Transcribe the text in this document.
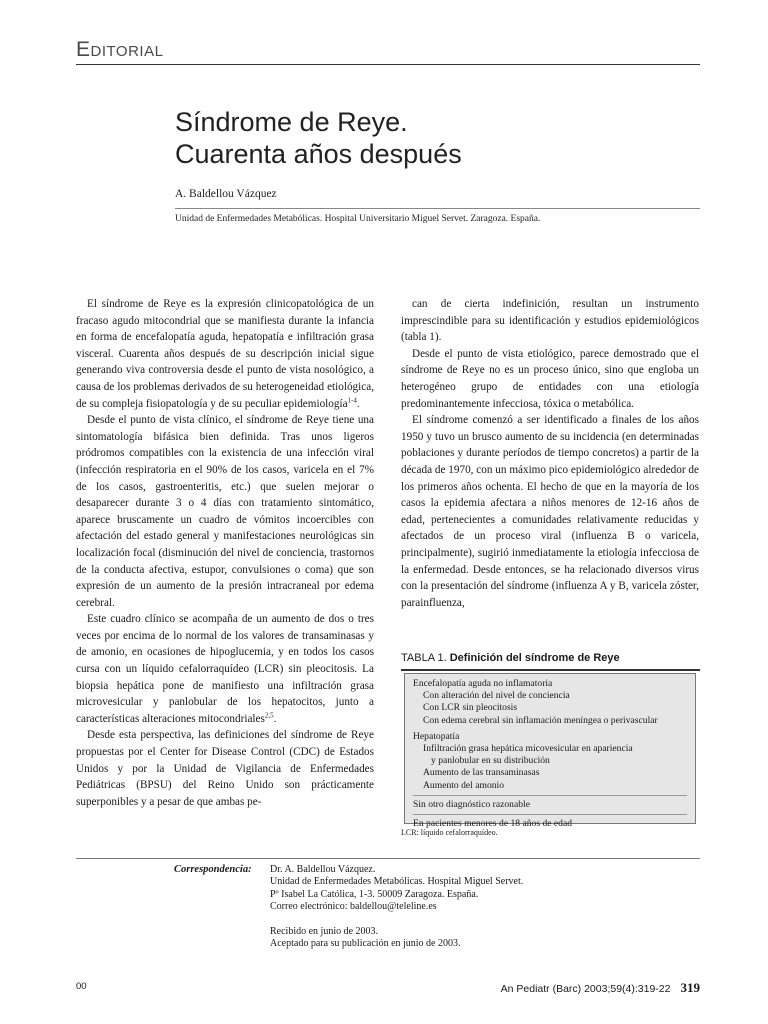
Editorial
Síndrome de Reye.
Cuarenta años después
A. Baldellou Vázquez
Unidad de Enfermedades Metabólicas. Hospital Universitario Miguel Servet. Zaragoza. España.

El síndrome de Reye es la expresión clinicopatológica de un fracaso agudo mitocondrial que se manifiesta durante la infancia en forma de encefalopatía aguda, hepatopatía e infiltración grasa visceral. Cuarenta años después de su descripción inicial sigue generando viva controversia desde el punto de vista nosológico, a causa de los problemas derivados de su heterogeneidad etiológica, de su compleja fisiopatología y de su peculiar epidemiología$^{1-4}$.

Desde el punto de vista clínico, el síndrome de Reye tiene una sintomatología bifásica bien definida. Tras unos ligeros pródromos compatibles con la existencia de una infección viral (infección respiratoria en el 90% de los casos, varicela en el 7% de los casos, gastroenteritis, etc.) que suelen mejorar o desaparecer durante 3 o 4 días con tratamiento sintomático, aparece bruscamente un cuadro de vómitos incoercibles con afectación del estado general y manifestaciones neurológicas sin localización focal (disminución del nivel de conciencia, trastornos de la conducta afectiva, estupor, convulsiones o coma) que son expresión de un aumento de la presión intracraneal por edema cerebral.

Este cuadro clínico se acompaña de un aumento de dos o tres veces por encima de lo normal de los valores de transaminasas y de amonio, en ocasiones de hipoglucemia, y en todos los casos cursa con un líquido cefalorraquídeo (LCR) sin pleocitosis. La biopsia hepática pone de manifiesto una infiltración grasa microvesicular y panlobular de los hepatocitos, junto a características alteraciones mitocondriales$^{2,5}$.

Desde esta perspectiva, las definiciones del síndrome de Reye propuestas por el Center for Disease Control (CDC) de Estados Unidos y por la Unidad de Vigilancia de Enfermedades Pediátricas (BPSU) del Reino Unido son prácticamente superponibles y a pesar de que ambas pe-

can de cierta indefinición, resultan un instrumento imprescindible para su identificación y estudios epidemiológicos (tabla 1).

Desde el punto de vista etiológico, parece demostrado que el síndrome de Reye no es un proceso único, sino que engloba un heterogéneo grupo de entidades con una etiología predominantemente infecciosa, tóxica o metabólica.

El síndrome comenzó a ser identificado a finales de los años 1950 y tuvo un brusco aumento de su incidencia (en determinadas poblaciones y durante períodos de tiempo concretos) a partir de la década de 1970, con un máximo pico epidemiológico alrededor de los primeros años ochenta. El hecho de que en la mayoría de los casos la epidemia afectara a niños menores de 12-16 años de edad, pertenecientes a comunidades relativamente reducidas y afectados de un proceso viral (influenza B o varicela, principalmente), sugirió inmediatamente la etiología infecciosa de la enfermedad. Desde entonces, se ha relacionado diversos virus con la presentación del síndrome (influenza A y B, varicela zóster, parainfluenza,

TABLA 1. Definición del síndrome de Reye
Encefalopatía aguda no inflamatoria
Con alteración del nivel de conciencia
Con LCR sin pleocitosis
Con edema cerebral sin inflamación meníngea o perivascular
Hepatopatía
Infiltración grasa hepática micovesicular en apariencia
y panlobular en su distribución
Aumento de las transaminasas
Aumento del amonio
Sin otro diagnóstico razonable
En pacientes menores de 18 años de edad
LCR: líquido cefalorraquídeo.
Correspondencia: Dr. A. Baldellou Vázquez.
Unidad de Enfermedades Metabólicas. Hospital Miguel Servet.
Pº Isabel La Católica, 1-3. 50009 Zaragoza. España.
Correo electrónico: baldellou@teleline.es
Recibido en junio de 2003.
Aceptado para su publicación en junio de 2003.
00	An Pediatr (Barc) 2003;59(4):319-22 319
